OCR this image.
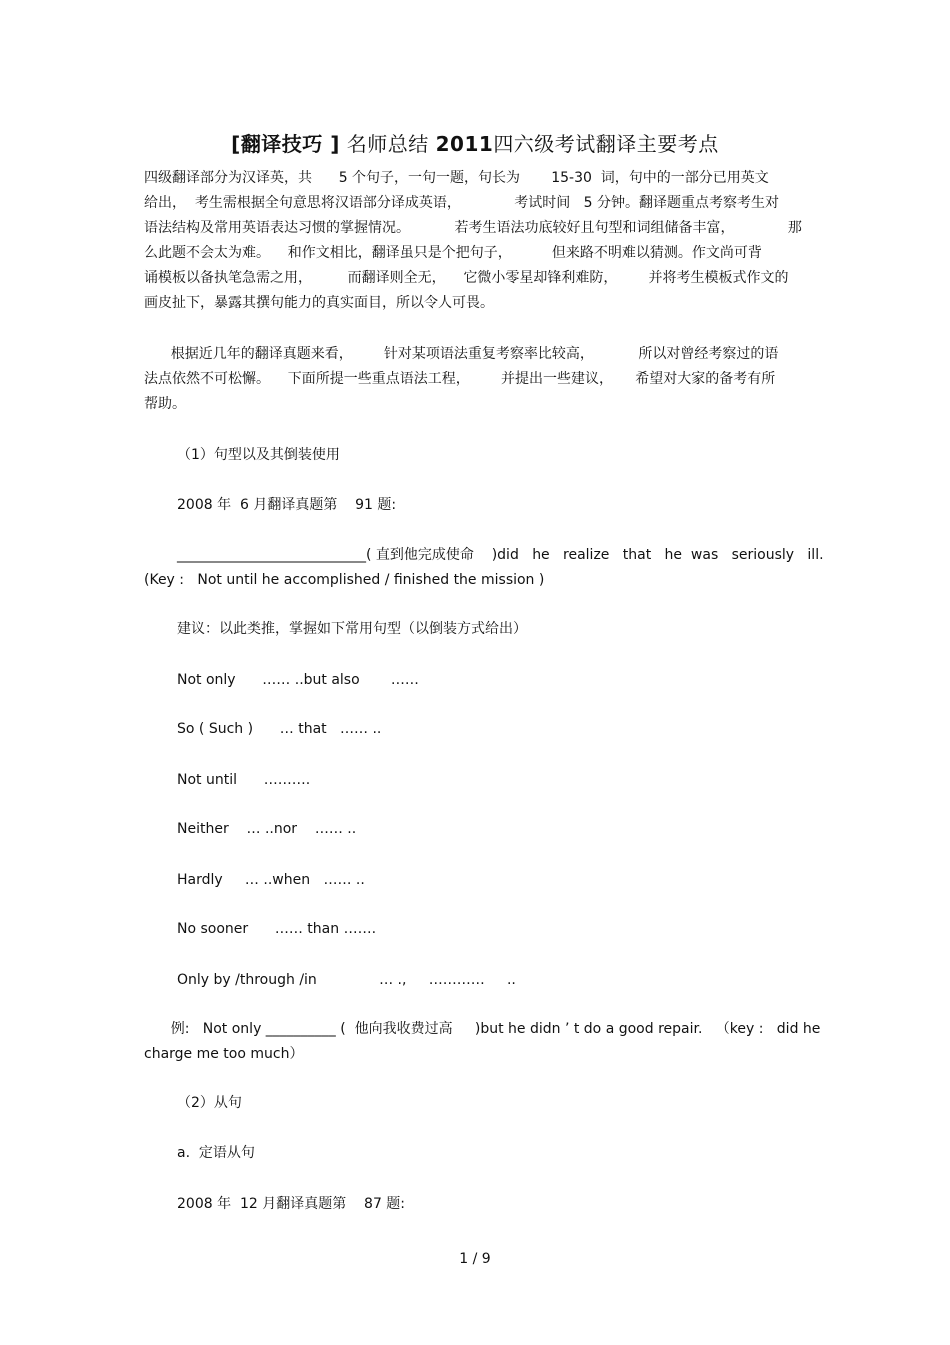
[翻译技巧 ] 名师总结 2011四六级考试翻译主要考点
四级翻译部分为汉译英，共      5 个句子，一句一题，句长为       15-30  词，句中的一部分已用英文
给出，  考生需根据全句意思将汉语部分译成英语，            考试时间   5 分钟。翻译题重点考察考生对
语法结构及常用英语表达习惯的掌握情况。          若考生语法功底较好且句型和词组储备丰富，            那
么此题不会太为难。    和作文相比，翻译虽只是个把句子，         但来路不明难以猜测。作文尚可背
诵模板以备执笔急需之用，        而翻译则全无，    它微小零星却锋利难防，       并将考生模板式作文的
画皮扯下，暴露其撰句能力的真实面目，所以令人可畏。
根据近几年的翻译真题来看，       针对某项语法重复考察率比较高，          所以对曾经考察过的语
法点依然不可松懈。    下面所提一些重点语法工程，       并提出一些建议，     希望对大家的备考有所
帮助。
（1）句型以及其倒装使用
2008 年  6 月翻译真题第    91 题:
___________________________( 直到他完成使命    )did   he   realize   that   he  was   seriously   ill.
(Key :   Not until he accomplished / finished the mission )
建议：以此类推，掌握如下常用句型（以倒装方式给出）
Not only      …… ..but also       ……
So ( Such )      … that   …… ..
Not until      ……….
Neither    … ..nor    …… ..
Hardly     … ..when   …… ..
No sooner      …… than …….
Only by /through /in              … .,     …………     ..
例:   Not only __________ (  他向我收费过高     )but he didn ’ t do a good repair.   （key :   did he
charge me too much）
（2）从句
a.  定语从句
2008 年  12 月翻译真题第    87 题:
1 / 9
